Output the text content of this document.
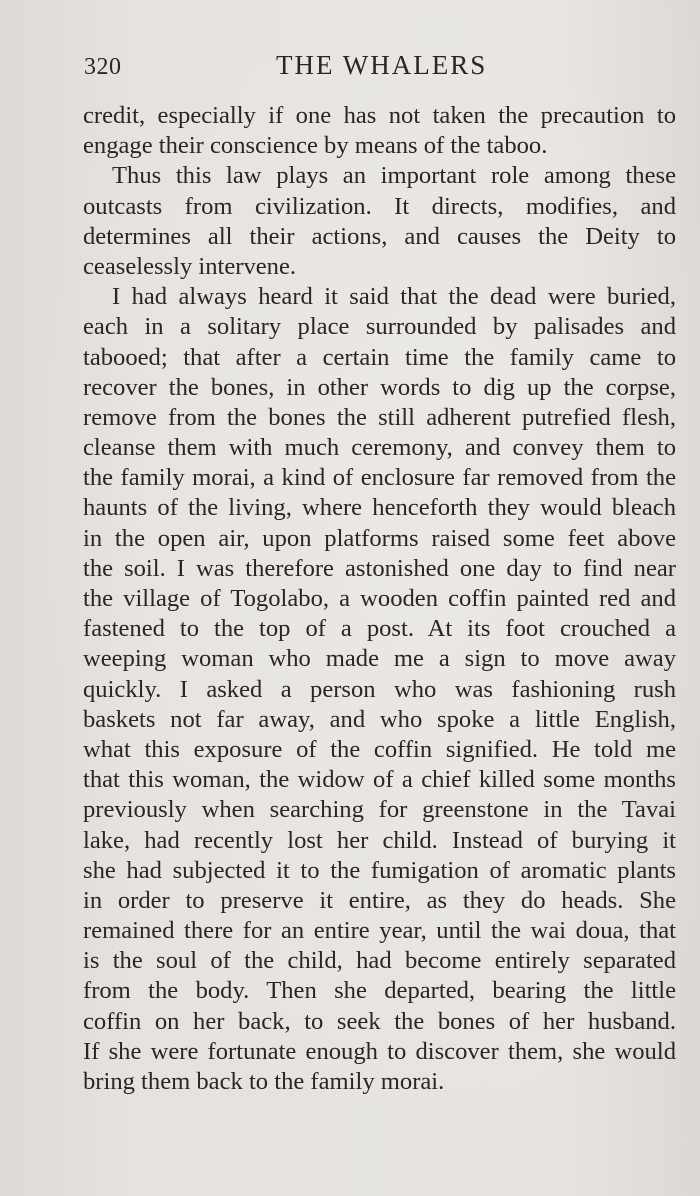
320	THE WHALERS
credit, especially if one has not taken the precaution to
engage their conscience by means of the taboo.
Thus this law plays an important role among these
outcasts from civilization. It directs, modifies, and
determines all their actions, and causes the Deity to
ceaselessly intervene.
I had always heard it said that the dead were buried,
each in a solitary place surrounded by palisades and
tabooed; that after a certain time the family came to
recover the bones, in other words to dig up the corpse,
remove from the bones the still adherent putrefied flesh,
cleanse them with much ceremony, and convey them to
the family morai, a kind of enclosure far removed from the
haunts of the living, where henceforth they would bleach
in the open air, upon platforms raised some feet above
the soil. I was therefore astonished one day to find near
the village of Togolabo, a wooden coffin painted red and
fastened to the top of a post. At its foot crouched a
weeping woman who made me a sign to move away
quickly. I asked a person who was fashioning rush
baskets not far away, and who spoke a little English,
what this exposure of the coffin signified. He told me
that this woman, the widow of a chief killed some months
previously when searching for greenstone in the Tavai
lake, had recently lost her child. Instead of burying it
she had subjected it to the fumigation of aromatic plants
in order to preserve it entire, as they do heads. She
remained there for an entire year, until the wai doua, that
is the soul of the child, had become entirely separated
from the body. Then she departed, bearing the little
coffin on her back, to seek the bones of her husband.
If she were fortunate enough to discover them, she would
bring them back to the family morai.
